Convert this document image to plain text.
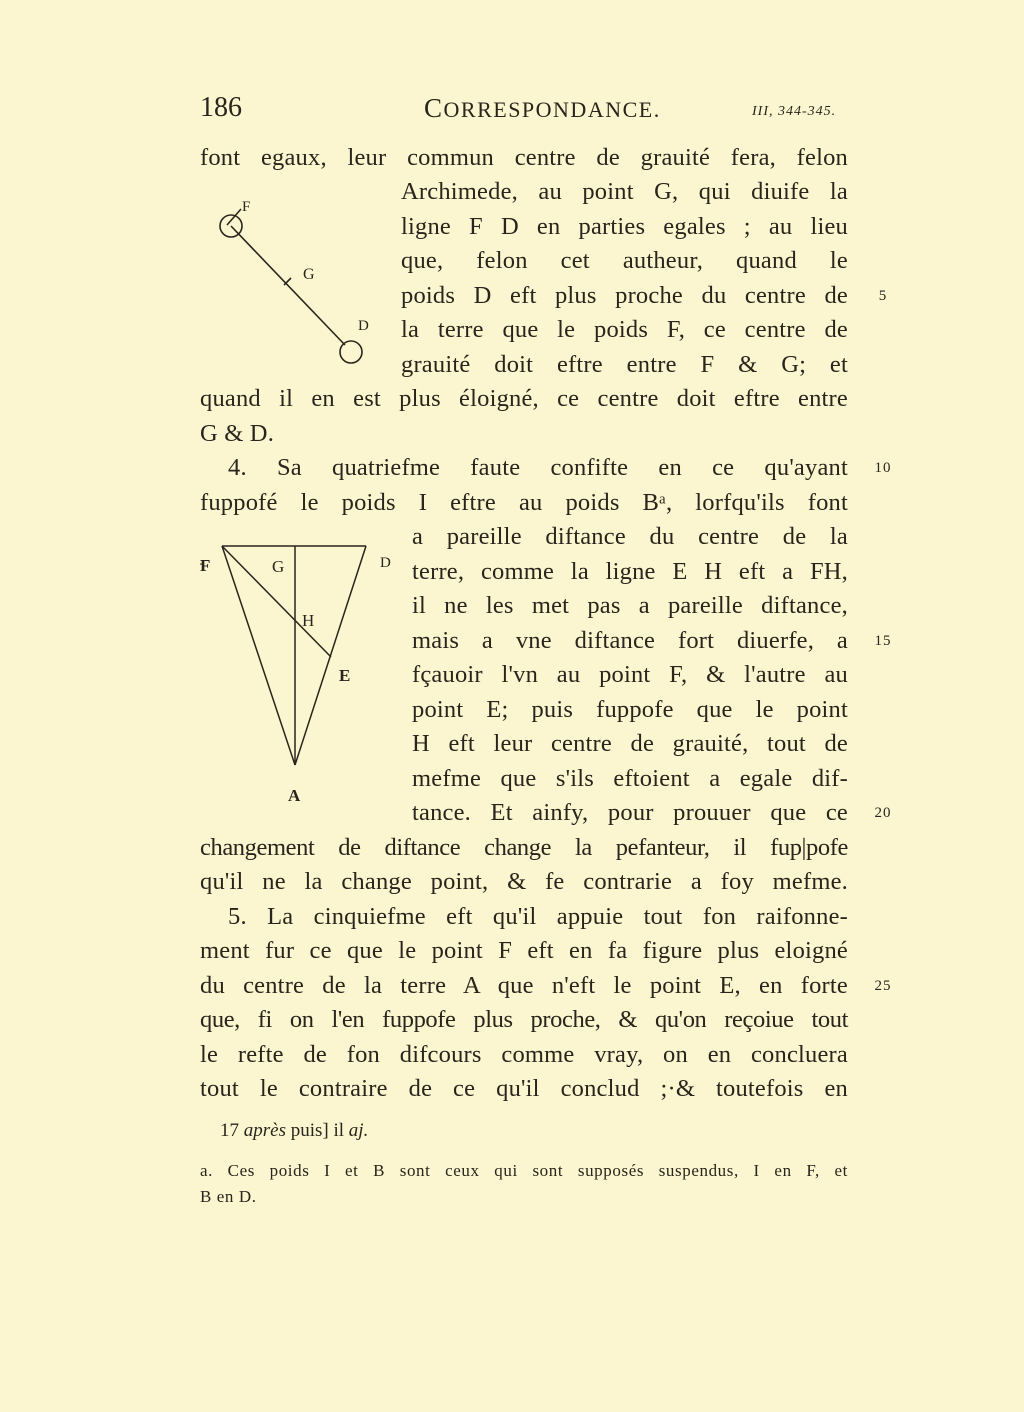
186	CORRESPONDANCE.	III, 344-345.
F
G
D
F	G	D
H
E
A
font egaux, leur commun centre de grauité fera, felon
Archimede, au point G, qui diuife la
ligne F D en parties egales ; au lieu
que, felon cet autheur, quand le
poids D eft plus proche du centre de
la terre que le poids F, ce centre de
grauité doit eftre entre F & G; et
quand il en est plus éloigné, ce centre doit eftre entre
G & D.
4. Sa quatriefme faute confifte en ce qu'ayant
fuppofé le poids I eftre au poids Bᵃ, lorfqu'ils font
a pareille diftance du centre de la
terre, comme la ligne E H eft a FH,
il ne les met pas a pareille diftance,
mais a vne diftance fort diuerfe, a
fçauoir l'vn au point F, & l'autre au
point E; puis fuppofe que le point
H eft leur centre de grauité, tout de
mefme que s'ils eftoient a egale dif-
tance. Et ainfy, pour prouuer que ce
changement de diftance change la pefanteur, il fup|pofe
qu'il ne la change point, & fe contrarie a foy mefme.
5. La cinquiefme eft qu'il appuie tout fon raifonne-
ment fur ce que le point F eft en fa figure plus eloigné
du centre de la terre A que n'eft le point E, en forte
que, fi on l'en fuppofe plus proche, & qu'on reçoiue tout
le refte de fon difcours comme vray, on en concluera
tout le contraire de ce qu'il conclud ;·& toutefois en
5
10
15
20
25
17 après puis] il aj.
a. Ces poids I et B sont ceux qui sont supposés suspendus, I en F, et
B en D.
